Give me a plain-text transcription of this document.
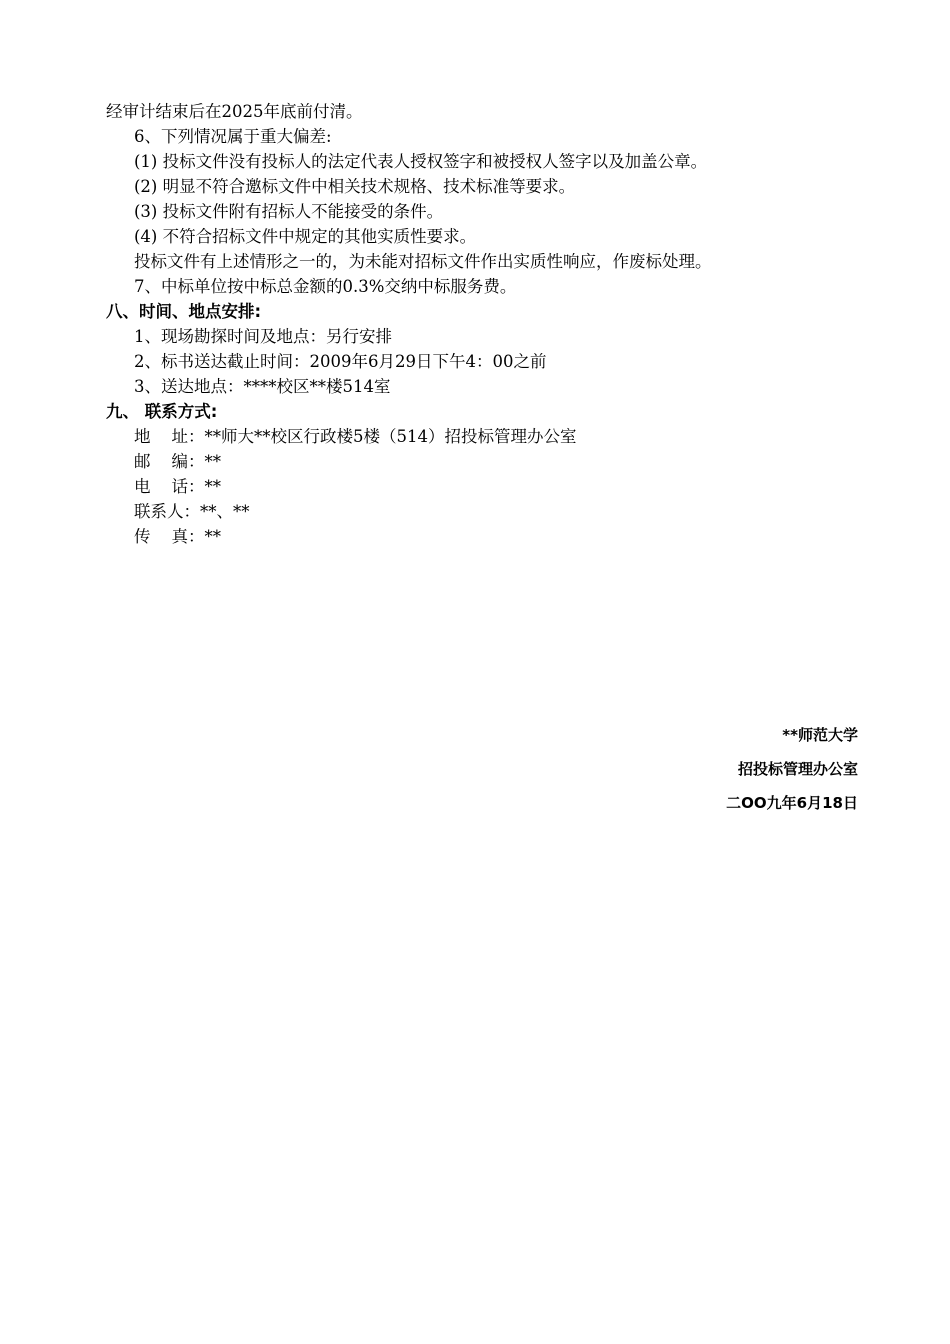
经审计结束后在2025年底前付清。
6、下列情况属于重大偏差:
(1) 投标文件没有投标人的法定代表人授权签字和被授权人签字以及加盖公章。
(2) 明显不符合邀标文件中相关技术规格、技术标准等要求。
(3) 投标文件附有招标人不能接受的条件。
(4) 不符合招标文件中规定的其他实质性要求。
投标文件有上述情形之一的，为未能对招标文件作出实质性响应，作废标处理。
7、中标单位按中标总金额的0.3%交纳中标服务费。
八、时间、地点安排:
1、现场勘探时间及地点：另行安排
2、标书送达截止时间：2009年6月29日下午4：00之前
3、送达地点：****校区**楼514室
九、 联系方式:
地    址：**师大**校区行政楼5楼（514）招投标管理办公室
邮    编：**
电    话：**
联系人：**、**
传    真：**
**师范大学
招投标管理办公室
二OO九年6月18日
